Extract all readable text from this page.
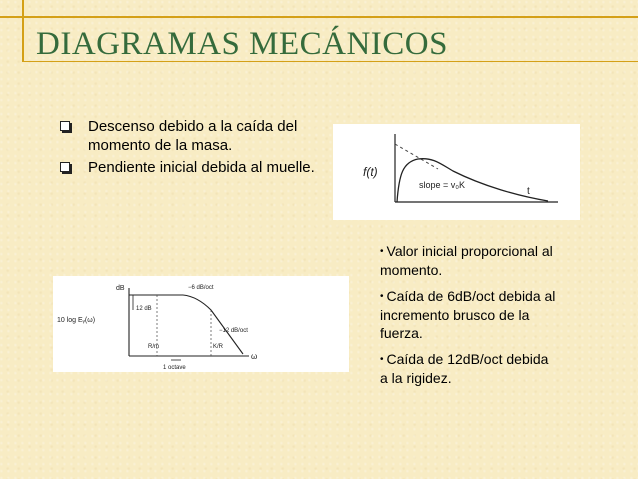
DIAGRAMAS MECÁNICOS
Descenso debido a la caída del momento de la masa.
Pendiente inicial debida al muelle.	f(t)
t
slope = v₀K
dB
10 log Eᵧ(ω)
12 dB
−6 dB/oct
−12 dB/oct
R/m	K/R
ω
1 octave
• Valor inicial proporcional al momento.
• Caída de 6dB/oct debida al incremento brusco de la fuerza.
• Caída de 12dB/oct debida a la rigidez.
